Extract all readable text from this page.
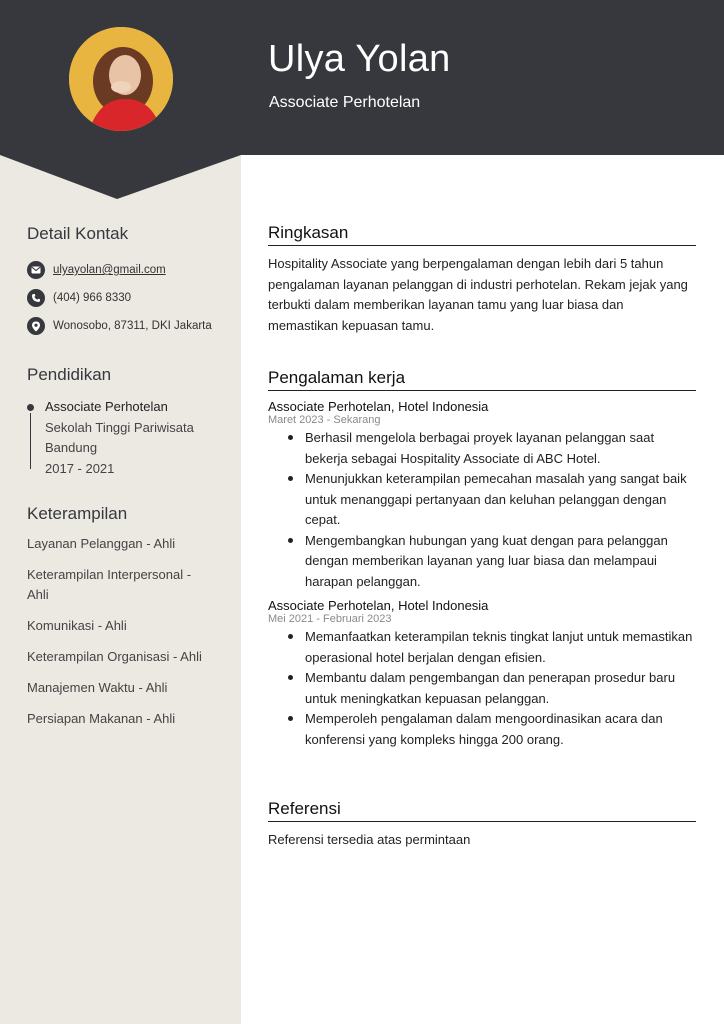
Ulya Yolan
Associate Perhotelan
Detail Kontak
ulyayolan@gmail.com
(404) 966 8330
Wonosobo, 87311, DKI Jakarta
Pendidikan
Associate Perhotelan
Sekolah Tinggi Pariwisata
Bandung
2017 - 2021
Keterampilan
Layanan Pelanggan - Ahli
Keterampilan Interpersonal - Ahli
Komunikasi - Ahli
Keterampilan Organisasi - Ahli
Manajemen Waktu - Ahli
Persiapan Makanan - Ahli
Ringkasan
Hospitality Associate yang berpengalaman dengan lebih dari 5 tahun pengalaman layanan pelanggan di industri perhotelan. Rekam jejak yang terbukti dalam memberikan layanan tamu yang luar biasa dan memastikan kepuasan tamu.
Pengalaman kerja
Associate Perhotelan, Hotel Indonesia
Maret 2023 - Sekarang
Berhasil mengelola berbagai proyek layanan pelanggan saat bekerja sebagai Hospitality Associate di ABC Hotel.
Menunjukkan keterampilan pemecahan masalah yang sangat baik untuk menanggapi pertanyaan dan keluhan pelanggan dengan cepat.
Mengembangkan hubungan yang kuat dengan para pelanggan dengan memberikan layanan yang luar biasa dan melampaui harapan pelanggan.
Associate Perhotelan, Hotel Indonesia
Mei 2021 - Februari 2023
Memanfaatkan keterampilan teknis tingkat lanjut untuk memastikan operasional hotel berjalan dengan efisien.
Membantu dalam pengembangan dan penerapan prosedur baru untuk meningkatkan kepuasan pelanggan.
Memperoleh pengalaman dalam mengoordinasikan acara dan konferensi yang kompleks hingga 200 orang.
Referensi
Referensi tersedia atas permintaan
